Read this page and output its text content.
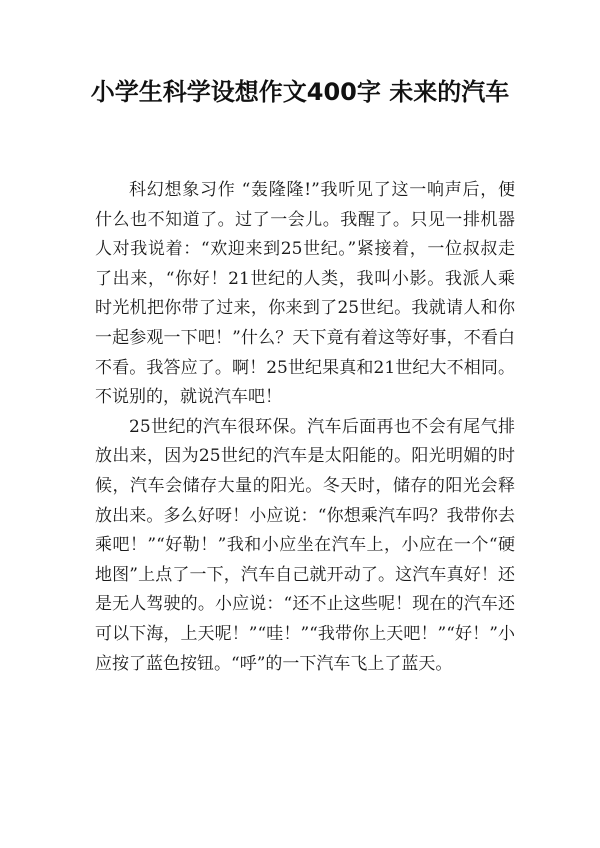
小学生科学设想作文400字 未来的汽车

科幻想象习作 “轰隆隆!”我听见了这一响声后，便什么也不知道了。过了一会儿。我醒了。只见一排机器人对我说着：“欢迎来到25世纪。”紧接着，一位叔叔走了出来，“你好！21世纪的人类，我叫小影。我派人乘时光机把你带了过来，你来到了25世纪。我就请人和你一起参观一下吧！”什么？天下竟有着这等好事，不看白不看。我答应了。啊！25世纪果真和21世纪大不相同。不说别的，就说汽车吧！

25世纪的汽车很环保。汽车后面再也不会有尾气排放出来，因为25世纪的汽车是太阳能的。阳光明媚的时候，汽车会储存大量的阳光。冬天时，储存的阳光会释放出来。多么好呀！小应说：“你想乘汽车吗？我带你去乘吧！”“好勒！”我和小应坐在汽车上，小应在一个“硬地图”上点了一下，汽车自己就开动了。这汽车真好！还是无人驾驶的。小应说：“还不止这些呢！现在的汽车还可以下海，上天呢！”“哇！”“我带你上天吧！”“好！”小应按了蓝色按钮。“呼”的一下汽车飞上了蓝天。
